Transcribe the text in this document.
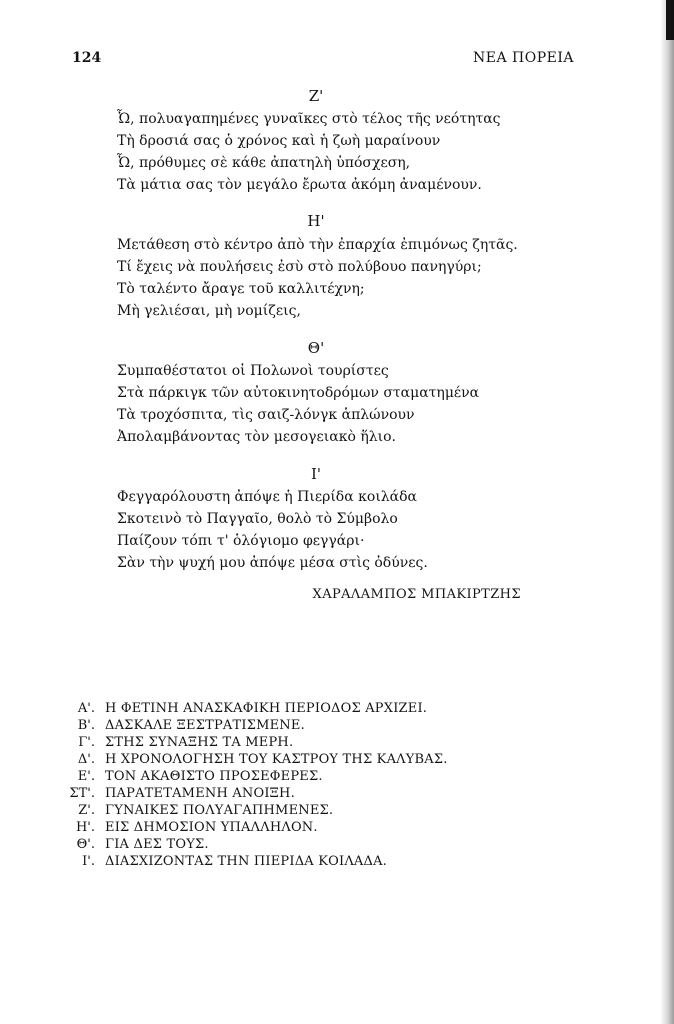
124	ΝΕΑ ΠΟΡΕΙΑ
Ζ'
Ὦ, πολυαγαπημένες γυναῖκες στὸ τέλος τῆς νεότητας
Τὴ δροσιά σας ὁ χρόνος καὶ ἡ ζωὴ μαραίνουν
Ὦ, πρόθυμες σὲ κάθε ἀπατηλὴ ὑπόσχεση,
Τὰ μάτια σας τὸν μεγάλο ἔρωτα ἀκόμη ἀναμένουν.
Η'
Μετάθεση στὸ κέντρο ἀπὸ τὴν ἐπαρχία ἐπιμόνως ζητᾶς.
Τί ἔχεις νὰ πουλήσεις ἐσὺ στὸ πολύβουο πανηγύρι;
Τὸ ταλέντο ἄραγε τοῦ καλλιτέχνη;
Μὴ γελιέσαι, μὴ νομίζεις,
Θ'
Συμπαθέστατοι οἱ Πολωνοὶ τουρίστες
Στὰ πάρκιγκ τῶν αὐτοκινητοδρόμων σταματημένα
Τὰ τροχόσπιτα, τὶς σαιζ-λόνγκ ἁπλώνουν
Ἀπολαμβάνοντας τὸν μεσογειακὸ ἥλιο.
Ι'
Φεγγαρόλουστη ἀπόψε ἡ Πιερίδα κοιλάδα
Σκοτεινὸ τὸ Παγγαῖο, θολὸ τὸ Σύμβολο
Παίζουν τόπι τ' ὁλόγιομο φεγγάρι·
Σὰν τὴν ψυχή μου ἀπόψε μέσα στὶς ὀδύνες.
ΧΑΡΑΛΑΜΠΟΣ ΜΠΑΚΙΡΤΖΗΣ
Α'. Η ΦΕΤΙΝΗ ΑΝΑΣΚΑΦΙΚΗ ΠΕΡΙΟΔΟΣ ΑΡΧΙΖΕΙ.
Β'. ΔΑΣΚΑΛΕ ΞΕΣΤΡΑΤΙΣΜΕΝΕ.
Γ'. ΣΤΗΣ ΣΥΝΑΞΗΣ ΤΑ ΜΕΡΗ.
Δ'. Η ΧΡΟΝΟΛΟΓΗΣΗ ΤΟΥ ΚΑΣΤΡΟΥ ΤΗΣ ΚΑΛΥΒΑΣ.
Ε'. ΤΟΝ ΑΚΑΘΙΣΤΟ ΠΡΟΣΕΦΕΡΕΣ.
ΣΤ'. ΠΑΡΑΤΕΤΑΜΕΝΗ ΑΝΟΙΞΗ.
Ζ'. ΓΥΝΑΙΚΕΣ ΠΟΛΥΑΓΑΠΗΜΕΝΕΣ.
Η'. ΕΙΣ ΔΗΜΟΣΙΟΝ ΥΠΑΛΛΗΛΟΝ.
Θ'. ΓΙΑ ΔΕΣ ΤΟΥΣ.
Ι'. ΔΙΑΣΧΙΖΟΝΤΑΣ ΤΗΝ ΠΙΕΡΙΔΑ ΚΟΙΛΑΔΑ.
